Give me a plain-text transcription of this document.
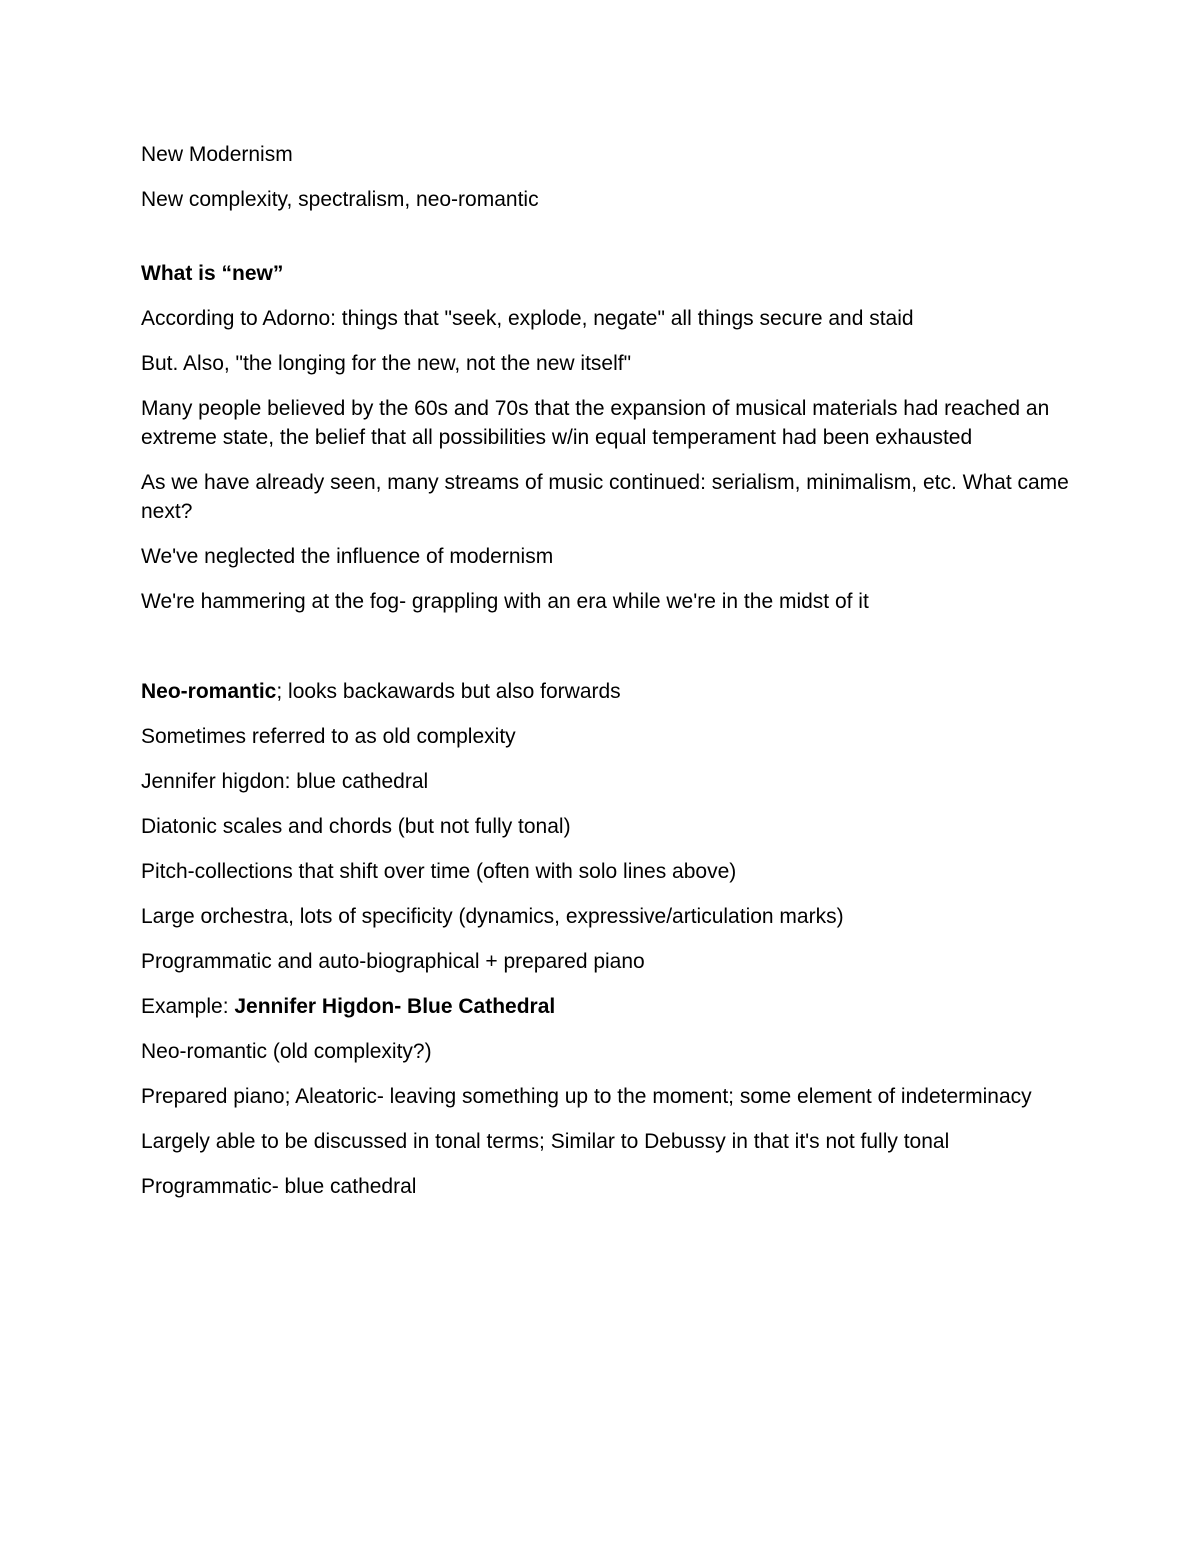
New Modernism

New complexity, spectralism, neo-romantic

What is “new”

According to Adorno: things that "seek, explode, negate" all things secure and staid

But. Also, "the longing for the new, not the new itself"

Many people believed by the 60s and 70s that the expansion of musical materials had reached an extreme state, the belief that all possibilities w/in equal temperament had been exhausted

As we have already seen, many streams of music continued: serialism, minimalism, etc. What came next?

We've neglected the influence of modernism

We're hammering at the fog- grappling with an era while we're in the midst of it

Neo-romantic; looks backawards but also forwards

Sometimes referred to as old complexity

Jennifer higdon: blue cathedral

Diatonic scales and chords (but not fully tonal)

Pitch-collections that shift over time (often with solo lines above)

Large orchestra, lots of specificity (dynamics, expressive/articulation marks)

Programmatic and auto-biographical + prepared piano

Example: Jennifer Higdon- Blue Cathedral

Neo-romantic (old complexity?)

Prepared piano; Aleatoric- leaving something up to the moment; some element of indeterminacy

Largely able to be discussed in tonal terms; Similar to Debussy in that it's not fully tonal

Programmatic- blue cathedral
